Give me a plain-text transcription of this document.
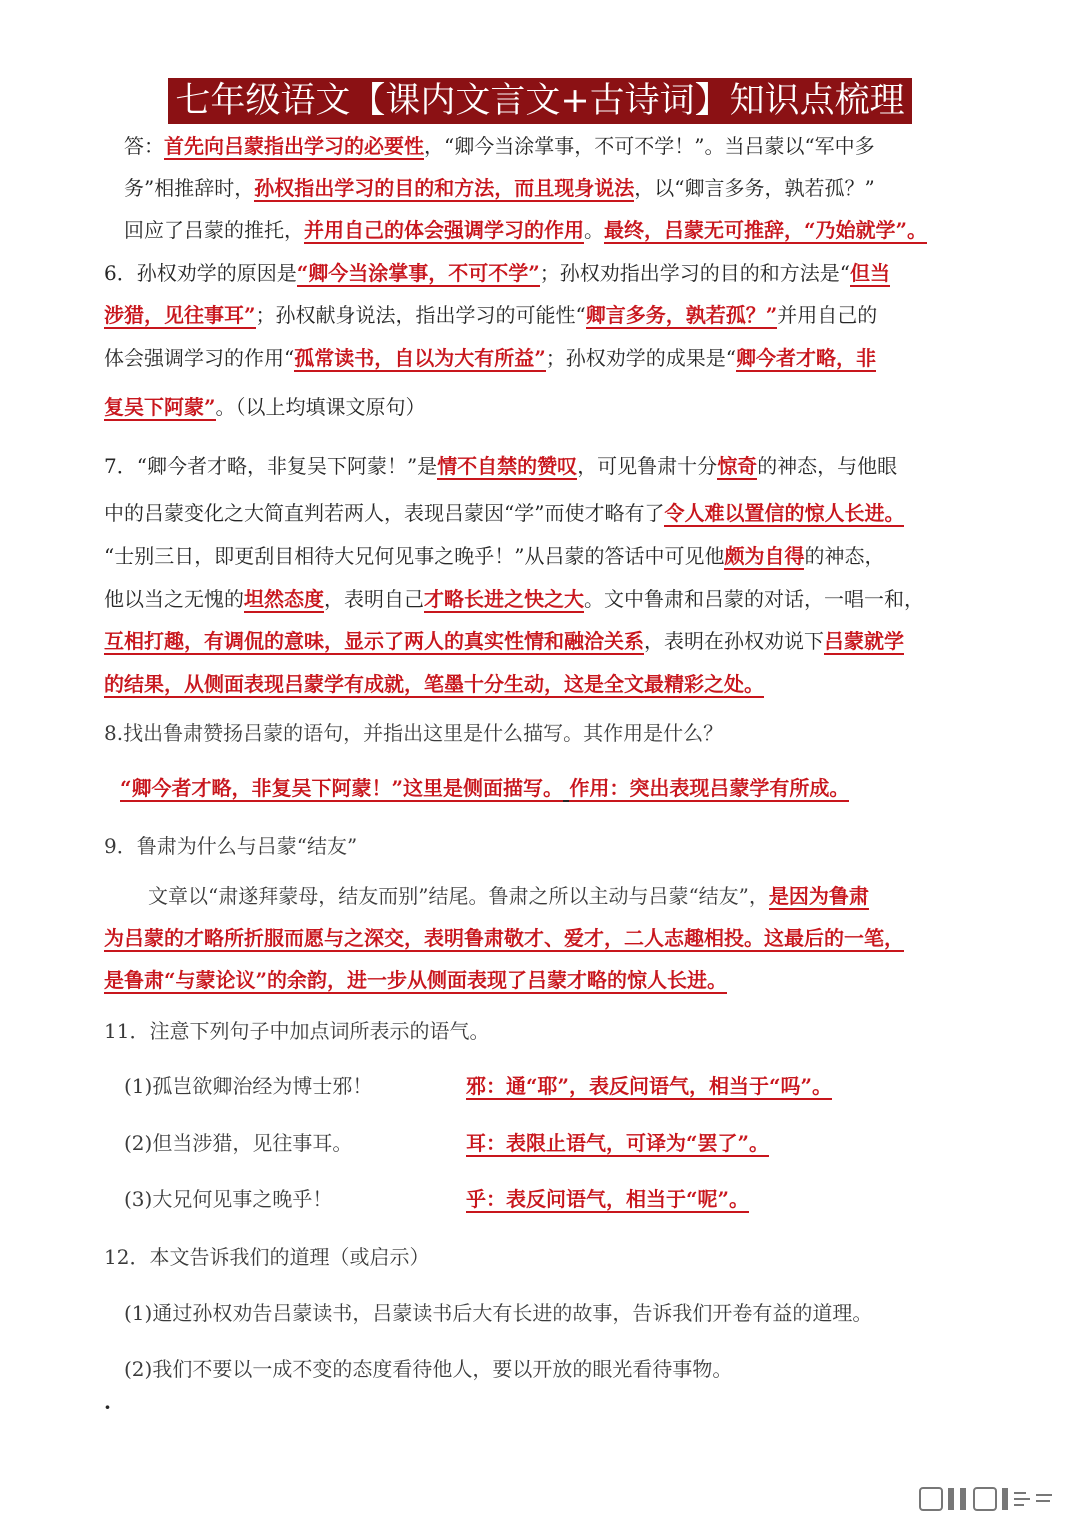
七年级语文【课内文言文+古诗词】知识点梳理
答：首先向吕蒙指出学习的必要性，“卿今当涂掌事，不可不学！”。当吕蒙以“军中多
务”相推辞时，孙权指出学习的目的和方法，而且现身说法，以“卿言多务，孰若孤？”
回应了吕蒙的推托，并用自己的体会强调学习的作用。最终，吕蒙无可推辞，“乃始就学”。
6．孙权劝学的原因是“卿今当涂掌事，不可不学”；孙权劝指出学习的目的和方法是“但当
涉猎，见往事耳”；孙权献身说法，指出学习的可能性“卿言多务，孰若孤？”并用自己的
体会强调学习的作用“孤常读书，自以为大有所益”；孙权劝学的成果是“卿今者才略，非
复吴下阿蒙”。（以上均填课文原句）
7．“卿今者才略，非复吴下阿蒙！”是情不自禁的赞叹，可见鲁肃十分惊奇的神态，与他眼
中的吕蒙变化之大简直判若两人，表现吕蒙因“学”而使才略有了令人难以置信的惊人长进。
“士别三日，即更刮目相待大兄何见事之晚乎！”从吕蒙的答话中可见他颇为自得的神态，
他以当之无愧的坦然态度，表明自己才略长进之快之大。文中鲁肃和吕蒙的对话，一唱一和，
互相打趣，有调侃的意味，显示了两人的真实性情和融洽关系，表明在孙权劝说下吕蒙就学
的结果，从侧面表现吕蒙学有成就，笔墨十分生动，这是全文最精彩之处。
8.找出鲁肃赞扬吕蒙的语句，并指出这里是什么描写。其作用是什么？
“卿今者才略，非复吴下阿蒙！”这里是侧面描写。 作用：突出表现吕蒙学有所成。
9．鲁肃为什么与吕蒙“结友”
文章以“肃遂拜蒙母，结友而别”结尾。鲁肃之所以主动与吕蒙“结友”，是因为鲁肃
为吕蒙的才略所折服而愿与之深交，表明鲁肃敬才、爱才，二人志趣相投。这最后的一笔，
是鲁肃“与蒙论议”的余韵，进一步从侧面表现了吕蒙才略的惊人长进。
11．注意下列句子中加点词所表示的语气。
(1)孤岂欲卿治经为博士邪！	邪：通“耶”，表反问语气，相当于“吗”。
(2)但当涉猎，见往事耳。	耳：表限止语气，可译为“罢了”。
(3)大兄何见事之晚乎！	乎：表反问语气，相当于“呢”。
12．本文告诉我们的道理（或启示）
(1)通过孙权劝告吕蒙读书，吕蒙读书后大有长进的故事，告诉我们开卷有益的道理。
(2)我们不要以一成不变的态度看待他人，要以开放的眼光看待事物。
·
